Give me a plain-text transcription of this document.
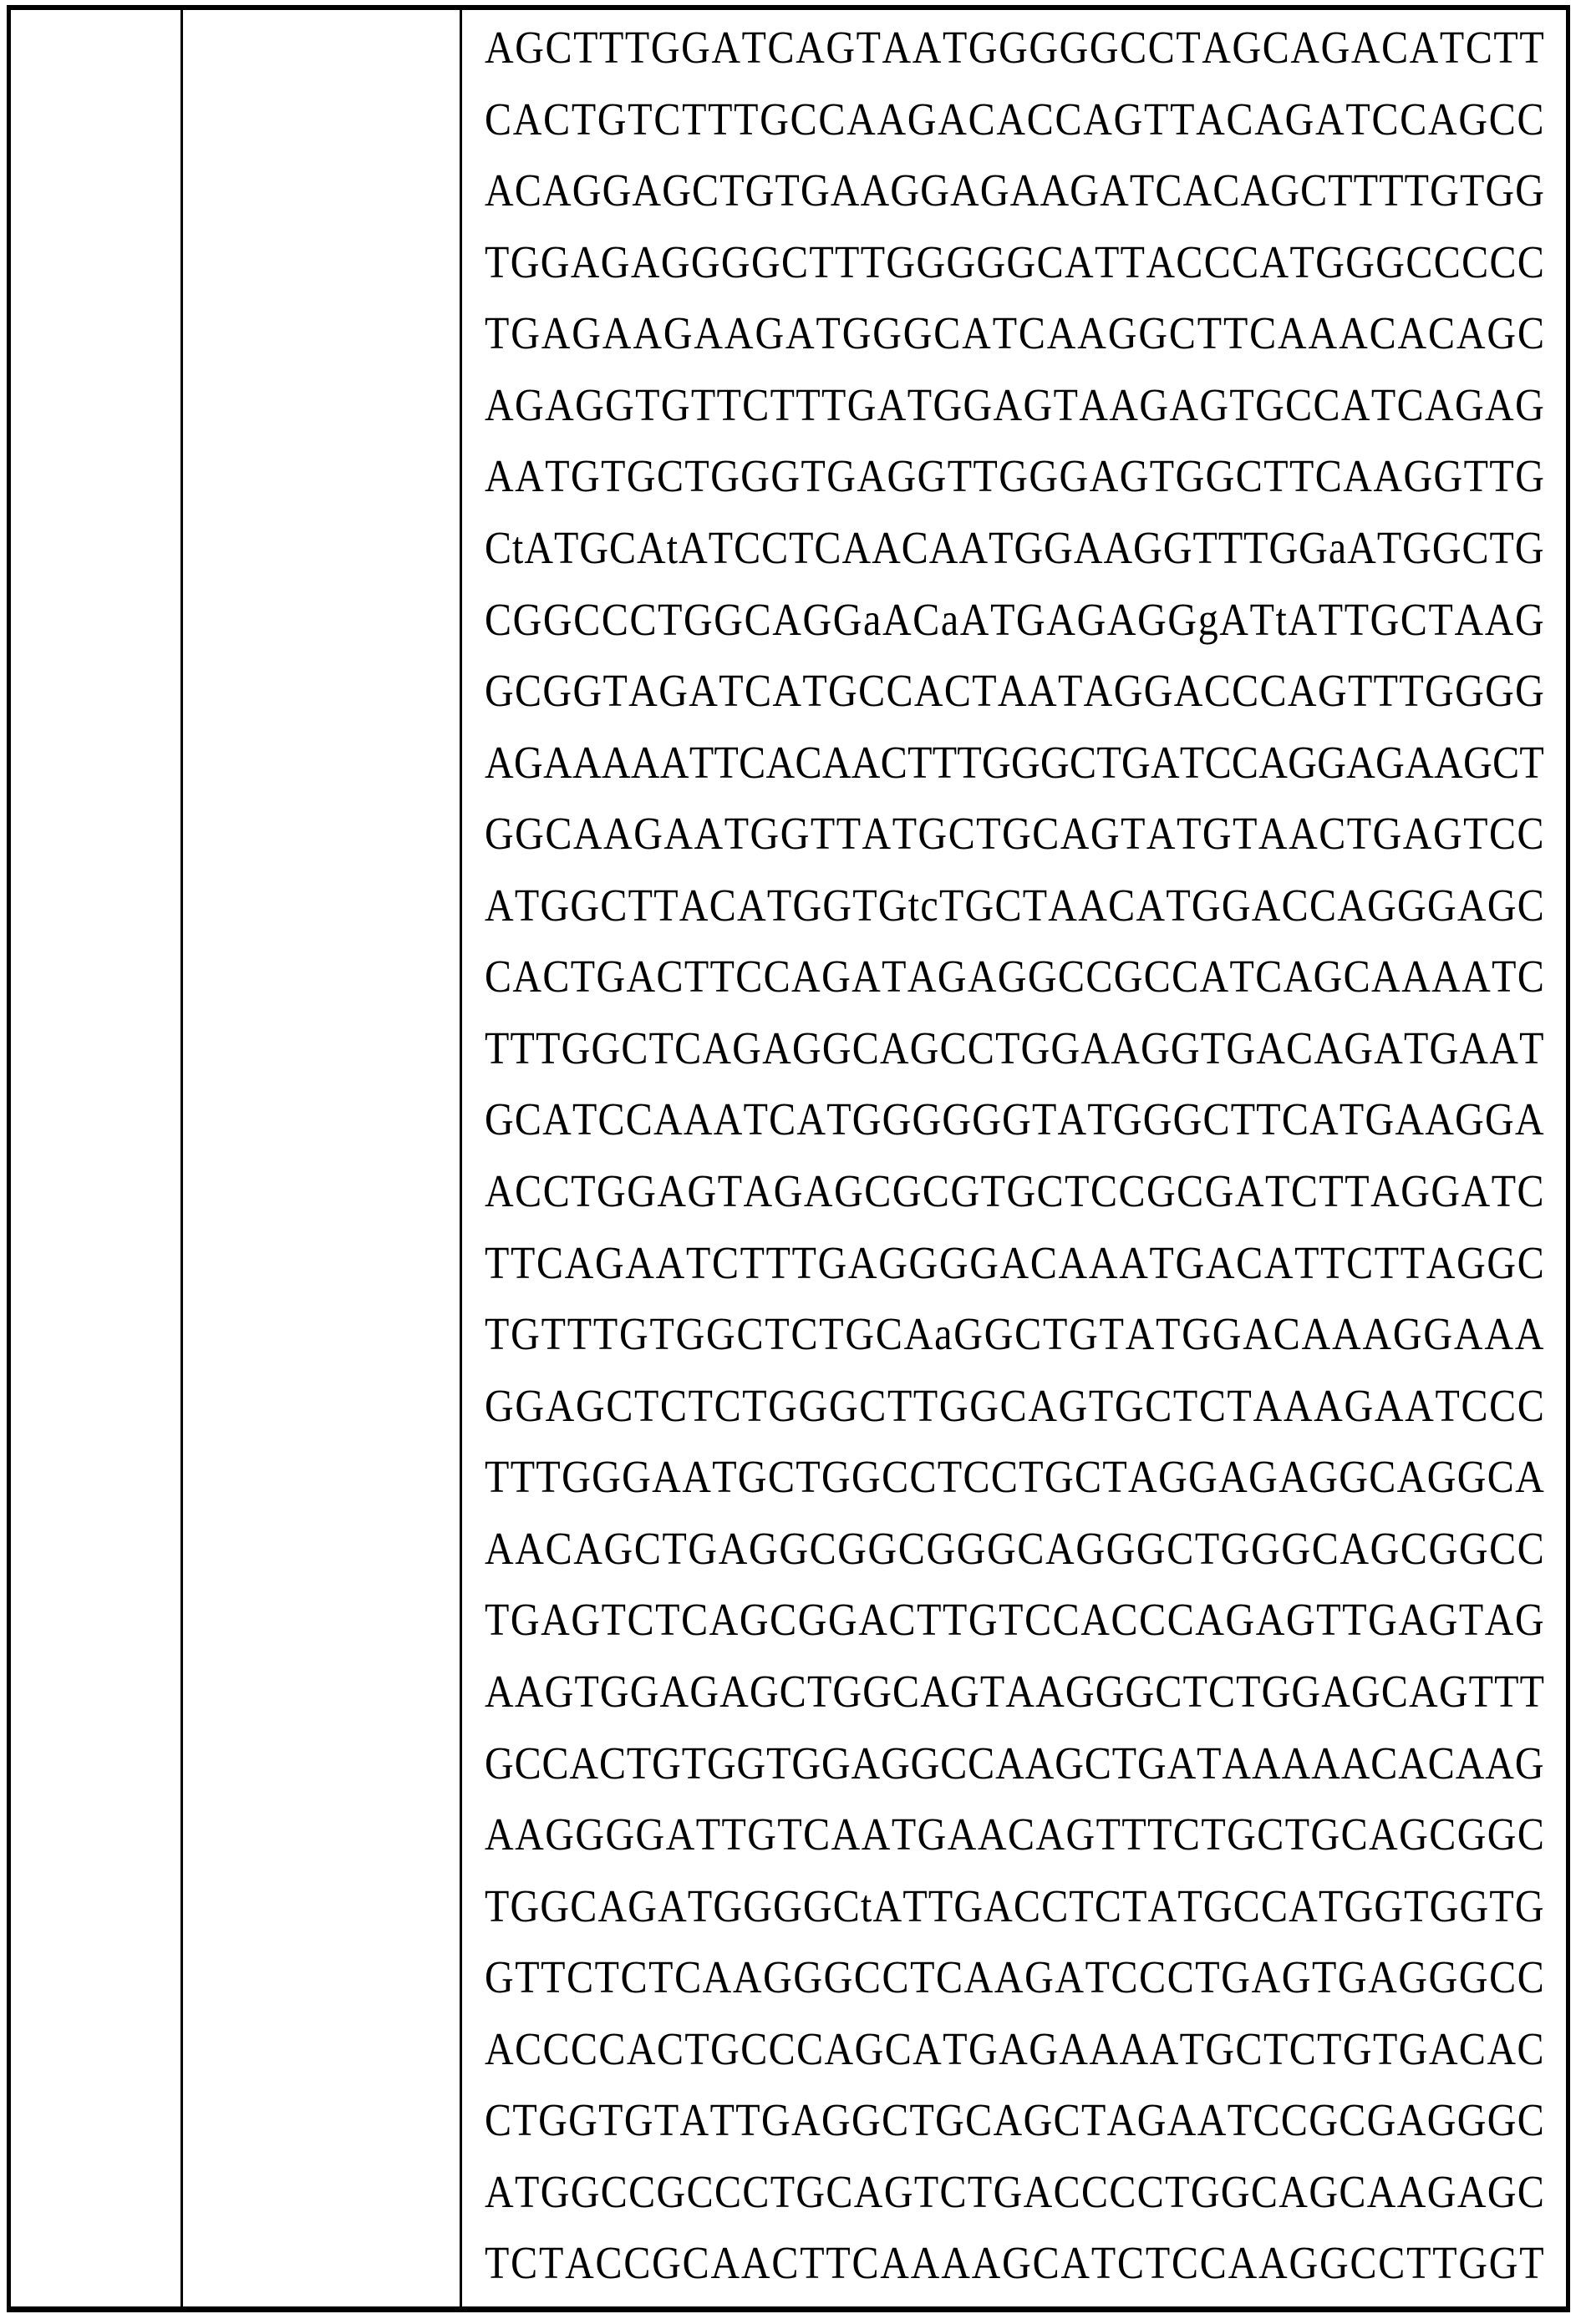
A G C T T T G G A T C A G T A A T G G G G G C C T A G C A G A C A T C T T
C A C T G T C T T T G C C A A G A C A C C A G T T A C A G A T C C A G C C
A C A G G A G C T G T G A A G G A G A A G A T C A C A G C T T T T G T G G
T G G A G A G G G G C T T T G G G G G C A T T A C C C A T G G G C C C C C
T G A G A A G A A G A T G G G C A T C A A G G C T T C A A A C A C A G C
A G A G G T G T T C T T T G A T G G A G T A A G A G T G C C A T C A G A G
A A T G T G C T G G G T G A G G T T G G G A G T G G C T T C A A G G T T G
C t A T G C A t A T C C T C A A C A A T G G A A G G T T T G G a A T G G C T G
C G G C C C T G G C A G G a A C a A T G A G A G G g A T t A T T G C T A A G
G C G G T A G A T C A T G C C A C T A A T A G G A C C C A G T T T G G G G
A G A A A A A T T C A C A A C T T T G G G C T G A T C C A G G A G A A G C T
G G C A A G A A T G G T T A T G C T G C A G T A T G T A A C T G A G T C C
A T G G C T T A C A T G G T G t c T G C T A A C A T G G A C C A G G G A G C
C A C T G A C T T C C A G A T A G A G G C C G C C A T C A G C A A A A T C
T T T G G C T C A G A G G C A G C C T G G A A G G T G A C A G A T G A A T
G C A T C C A A A T C A T G G G G G G T A T G G G C T T C A T G A A G G A
A C C T G G A G T A G A G C G C G T G C T C C G C G A T C T T A G G A T C
T T C A G A A T C T T T G A G G G G A C A A A T G A C A T T C T T A G G C
T G T T T G T G G C T C T G C A a G G C T G T A T G G A C A A A G G A A A
G G A G C T C T C T G G G C T T G G C A G T G C T C T A A A G A A T C C C
T T T G G G A A T G C T G G C C T C C T G C T A G G A G A G G C A G G C A
A A C A G C T G A G G C G G C G G G C A G G G C T G G G C A G C G G C C
T G A G T C T C A G C G G A C T T G T C C A C C C A G A G T T G A G T A G
A A G T G G A G A G C T G G C A G T A A G G G C T C T G G A G C A G T T T
G C C A C T G T G G T G G A G G C C A A G C T G A T A A A A A C A C A A G
A A G G G G A T T G T C A A T G A A C A G T T T C T G C T G C A G C G G C
T G G C A G A T G G G G C t A T T G A C C T C T A T G C C A T G G T G G T G
G T T C T C T C A A G G G C C T C A A G A T C C C T G A G T G A G G G C C
A C C C C A C T G C C C A G C A T G A G A A A A T G C T C T G T G A C A C
C T G G T G T A T T G A G G C T G C A G C T A G A A T C C G C G A G G G C
A T G G C C G C C C T G C A G T C T G A C C C C T G G C A G C A A G A G C
T C T A C C G C A A C T T C A A A A G C A T C T C C A A G G C C T T G G T
